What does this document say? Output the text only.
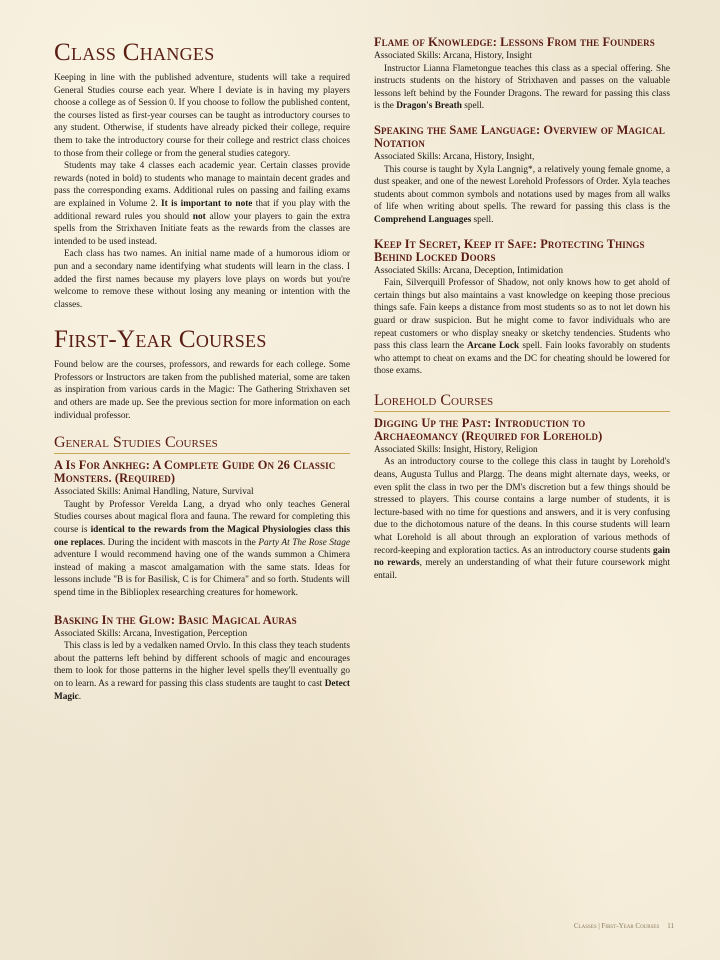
Class Changes

Keeping in line with the published adventure, students will take a required General Studies course each year. Where I deviate is in having my players choose a college as of Session 0. If you choose to follow the published content, the courses listed as first-year courses can be taught as introductory courses to any student. Otherwise, if students have already picked their college, require them to take the introductory course for their college and restrict class choices to those from their college or from the general studies category.

Students may take 4 classes each academic year. Certain classes provide rewards (noted in bold) to students who manage to maintain decent grades and pass the corresponding exams. Additional rules on passing and failing exams are explained in Volume 2. It is important to note that if you play with the additional reward rules you should not allow your players to gain the extra spells from the Strixhaven Initiate feats as the rewards from the classes are intended to be used instead.

Each class has two names. An initial name made of a humorous idiom or pun and a secondary name identifying what students will learn in the class. I added the first names because my players love plays on words but you're welcome to remove these without losing any meaning or intention with the classes.

First-Year Courses

Found below are the courses, professors, and rewards for each college. Some Professors or Instructors are taken from the published material, some are taken as inspiration from various cards in the Magic: The Gathering Strixhaven set and others are made up. See the previous section for more information on each individual professor.

General Studies Courses
A Is For Ankheg: A Complete Guide On 26 Classic Monsters. (Required)

Associated Skills: Animal Handling, Nature, Survival

Taught by Professor Verelda Lang, a dryad who only teaches General Studies courses about magical flora and fauna. The reward for completing this course is identical to the rewards from the Magical Physiologies class this one replaces. During the incident with mascots in the Party At The Rose Stage adventure I would recommend having one of the wands summon a Chimera instead of making a mascot amalgamation with the same stats. Ideas for lessons include "B is for Basilisk, C is for Chimera" and so forth. Students will spend time in the Biblioplex researching creatures for homework.

Basking In the Glow: Basic Magical Auras

Associated Skills: Arcana, Investigation, Perception

This class is led by a vedalken named Orvlo. In this class they teach students about the patterns left behind by different schools of magic and encourages them to look for those patterns in the higher level spells they'll eventually go on to learn. As a reward for passing this class students are taught to cast Detect Magic.

Flame of Knowledge: Lessons From the Founders

Associated Skills: Arcana, History, Insight

Instructor Lianna Flametongue teaches this class as a special offering. She instructs students on the history of Strixhaven and passes on the valuable lessons left behind by the Founder Dragons. The reward for passing this class is the Dragon's Breath spell.

Speaking the Same Language: Overview of Magical Notation

Associated Skills: Arcana, History, Insight,

This course is taught by Xyla Langnig*, a relatively young female gnome, a dust speaker, and one of the newest Lorehold Professors of Order. Xyla teaches students about common symbols and notations used by mages from all walks of life when writing about spells. The reward for passing this class is the Comprehend Languages spell.

Keep It Secret, Keep it Safe: Protecting Things Behind Locked Doors

Associated Skills: Arcana, Deception, Intimidation

Fain, Silverquill Professor of Shadow, not only knows how to get ahold of certain things but also maintains a vast knowledge on keeping those precious things safe. Fain keeps a distance from most students so as to not let down his guard or draw suspicion. But he might come to favor individuals who are repeat customers or who display sneaky or sketchy tendencies. Students who pass this class learn the Arcane Lock spell. Fain looks favorably on students who attempt to cheat on exams and the DC for cheating should be lowered for those exams.

Lorehold Courses
Digging Up the Past: Introduction to Archaeomancy (Required for Lorehold)

Associated Skills: Insight, History, Religion

As an introductory course to the college this class in taught by Lorehold's deans, Augusta Tullus and Plargg. The deans might alternate days, weeks, or even split the class in two per the DM's discretion but a few things should be stressed to players. This course contains a large number of students, it is lecture-based with no time for questions and answers, and it is very confusing due to the dichotomous nature of the deans. In this course students will learn what Lorehold is all about through an exploration of various methods of record-keeping and exploration tactics. As an introductory course students gain no rewards, merely an understanding of what their future coursework might entail.

Classes | First-Year Courses 11
